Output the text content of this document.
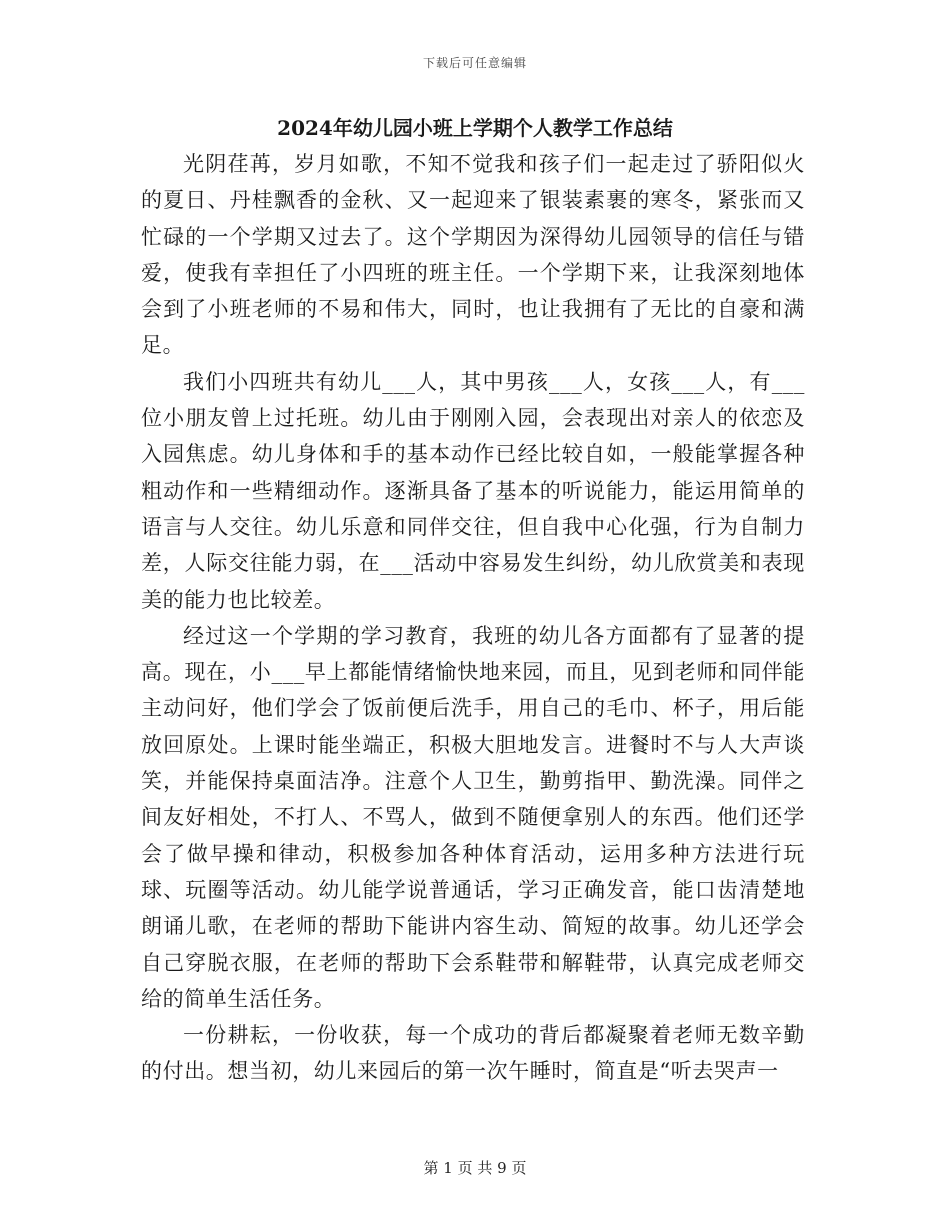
下载后可任意编辑
2024年幼儿园小班上学期个人教学工作总结

光阴荏苒，岁月如歌，不知不觉我和孩子们一起走过了骄阳似火的夏日、丹桂飘香的金秋、又一起迎来了银装素裹的寒冬，紧张而又忙碌的一个学期又过去了。这个学期因为深得幼儿园领导的信任与错爱，使我有幸担任了小四班的班主任。一个学期下来，让我深刻地体会到了小班老师的不易和伟大，同时，也让我拥有了无比的自豪和满足。

我们小四班共有幼儿___人，其中男孩___人，女孩___人，有___位小朋友曾上过托班。幼儿由于刚刚入园，会表现出对亲人的依恋及入园焦虑。幼儿身体和手的基本动作已经比较自如，一般能掌握各种粗动作和一些精细动作。逐渐具备了基本的听说能力，能运用简单的语言与人交往。幼儿乐意和同伴交往，但自我中心化强，行为自制力差，人际交往能力弱，在___活动中容易发生纠纷，幼儿欣赏美和表现美的能力也比较差。

经过这一个学期的学习教育，我班的幼儿各方面都有了显著的提高。现在，小___早上都能情绪愉快地来园，而且，见到老师和同伴能主动问好，他们学会了饭前便后洗手，用自己的毛巾、杯子，用后能放回原处。上课时能坐端正，积极大胆地发言。进餐时不与人大声谈笑，并能保持桌面洁净。注意个人卫生，勤剪指甲、勤洗澡。同伴之间友好相处，不打人、不骂人，做到不随便拿别人的东西。他们还学会了做早操和律动，积极参加各种体育活动，运用多种方法进行玩球、玩圈等活动。幼儿能学说普通话，学习正确发音，能口齿清楚地朗诵儿歌，在老师的帮助下能讲内容生动、简短的故事。幼儿还学会自己穿脱衣服，在老师的帮助下会系鞋带和解鞋带，认真完成老师交给的简单生活任务。

一份耕耘，一份收获，每一个成功的背后都凝聚着老师无数辛勤的付出。想当初，幼儿来园后的第一次午睡时，简直是“听去哭声一

第 1 页 共 9 页
